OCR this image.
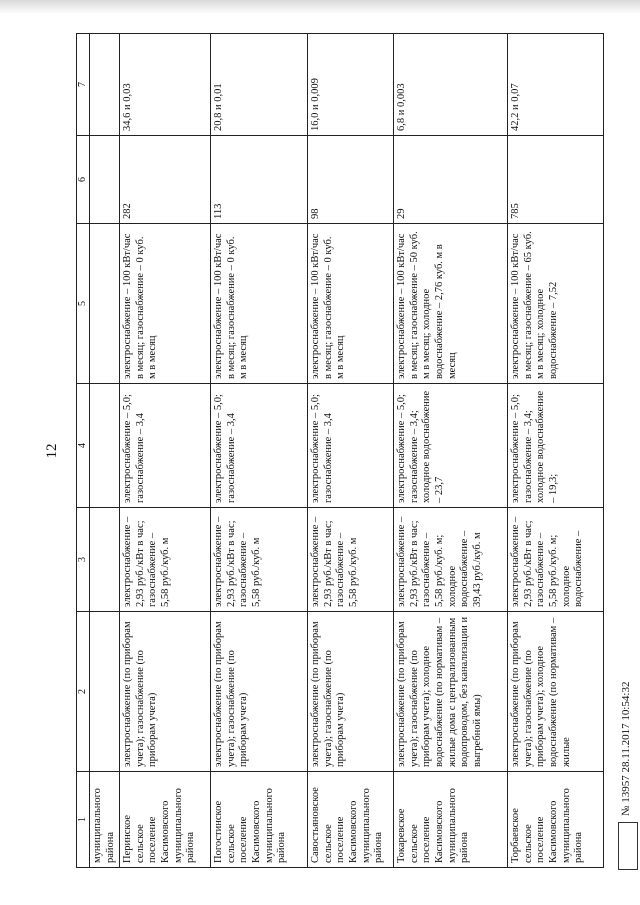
12
1	2	3	4	5	6	7
муниципального района						
Перинское сельское поселение Касимовского муниципального района	электроснабжение (по приборам учета); газоснабжение (по приборам учета)	электроснабжение – 2,93 руб./кВт в час; газоснабжение – 5,58 руб./куб. м	электроснабжение – 5,0; газоснабжение – 3,4	электроснабжение – 100 кВт/час в месяц; газоснабжение – 0 куб. м в месяц	282	34,6 и 0,03
Погостинское сельское поселение Касимовского муниципального района	электроснабжение (по приборам учета); газоснабжение (по приборам учета)	электроснабжение – 2,93 руб./кВт в час; газоснабжение – 5,58 руб./куб. м	электроснабжение – 5,0; газоснабжение – 3,4	электроснабжение – 100 кВт/час в месяц; газоснабжение – 0 куб. м в месяц	113	20,8 и 0,01
Савостьяновское сельское поселение Касимовского муниципального района	электроснабжение (по приборам учета); газоснабжение (по приборам учета)	электроснабжение – 2,93 руб./кВт в час; газоснабжение – 5,58 руб./куб. м	электроснабжение – 5,0; газоснабжение – 3,4	электроснабжение – 100 кВт/час в месяц; газоснабжение – 0 куб. м в месяц	98	16,0 и 0,009
Токаревское сельское поселение Касимовского муниципального района	электроснабжение (по приборам учета); газоснабжение (по приборам учета); холодное водоснабжение (по нормативам – жилые дома с централизованным водопроводом, без канализации и выгребной ямы)	электроснабжение – 2,93 руб./кВт в час; газоснабжение – 5,58 руб./куб. м; холодное водоснабжение – 39,43 руб./куб. м	электроснабжение – 5,0; газоснабжение – 3,4; холодное водоснабжение – 23,7	электроснабжение – 100 кВт/час в месяц; газоснабжение – 50 куб. м в месяц; холодное водоснабжение – 2,76 куб. м в месяц	29	6,8 и 0,003
Торбаевское сельское поселение Касимовского муниципального района	электроснабжение (по приборам учета); газоснабжение (по приборам учета); холодное водоснабжение (по нормативам – жилые	электроснабжение – 2,93 руб./кВт в час; газоснабжение – 5,58 руб./куб. м; холодное водоснабжение –	электроснабжение – 5,0; газоснабжение – 3,4; холодное водоснабжение – 19,3;	электроснабжение – 100 кВт/час в месяц; газоснабжение – 65 куб. м в месяц; холодное водоснабжение – 7,52	785	42,2 и 0,07
№ 13957 28.11.2017 10:54:32
